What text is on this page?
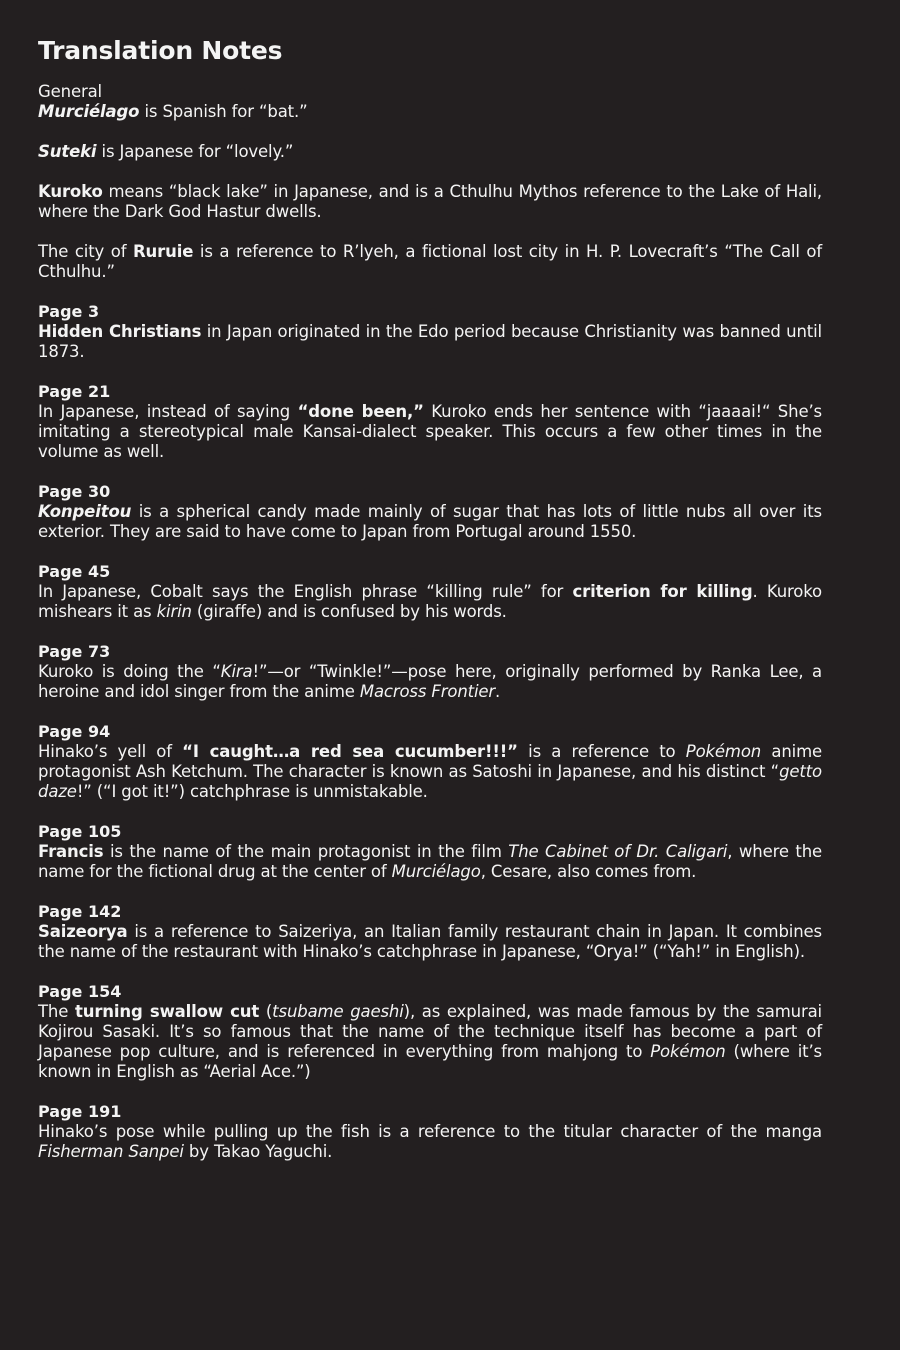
Translation Notes
General
Murciélago is Spanish for “bat.”
Suteki is Japanese for “lovely.”
Kuroko means “black lake” in Japanese, and is a Cthulhu Mythos reference to the Lake of Hali, where the Dark God Hastur dwells.
The city of Ruruie is a reference to R’lyeh, a fictional lost city in H. P. Lovecraft’s “The Call of Cthulhu.”
Page 3
Hidden Christians in Japan originated in the Edo period because Christianity was banned until 1873.
Page 21
In Japanese, instead of saying “done been,” Kuroko ends her sentence with “jaaaai!“ She’s imitating a stereotypical male Kansai-dialect speaker. This occurs a few other times in the volume as well.
Page 30
Konpeitou is a spherical candy made mainly of sugar that has lots of little nubs all over its exterior. They are said to have come to Japan from Portugal around 1550.
Page 45
In Japanese, Cobalt says the English phrase “killing rule” for criterion for killing. Kuroko mishears it as kirin (giraffe) and is confused by his words.
Page 73
Kuroko is doing the “Kira!”—or “Twinkle!”—pose here, originally performed by Ranka Lee, a heroine and idol singer from the anime Macross Frontier.
Page 94
Hinako’s yell of “I caught…a red sea cucumber!!!” is a reference to Pokémon anime protagonist Ash Ketchum. The character is known as Satoshi in Japanese, and his distinct “getto daze!” (“I got it!”) catchphrase is unmistakable.
Page 105
Francis is the name of the main protagonist in the film The Cabinet of Dr. Caligari, where the name for the fictional drug at the center of Murciélago, Cesare, also comes from.
Page 142
Saizeorya is a reference to Saizeriya, an Italian family restaurant chain in Japan. It combines the name of the restaurant with Hinako’s catchphrase in Japanese, “Orya!” (“Yah!” in English).
Page 154
The turning swallow cut (tsubame gaeshi), as explained, was made famous by the samurai Kojirou Sasaki. It’s so famous that the name of the technique itself has become a part of Japanese pop culture, and is referenced in everything from mahjong to Pokémon (where it’s known in English as “Aerial Ace.”)
Page 191
Hinako’s pose while pulling up the fish is a reference to the titular character of the manga Fisherman Sanpei by Takao Yaguchi.
